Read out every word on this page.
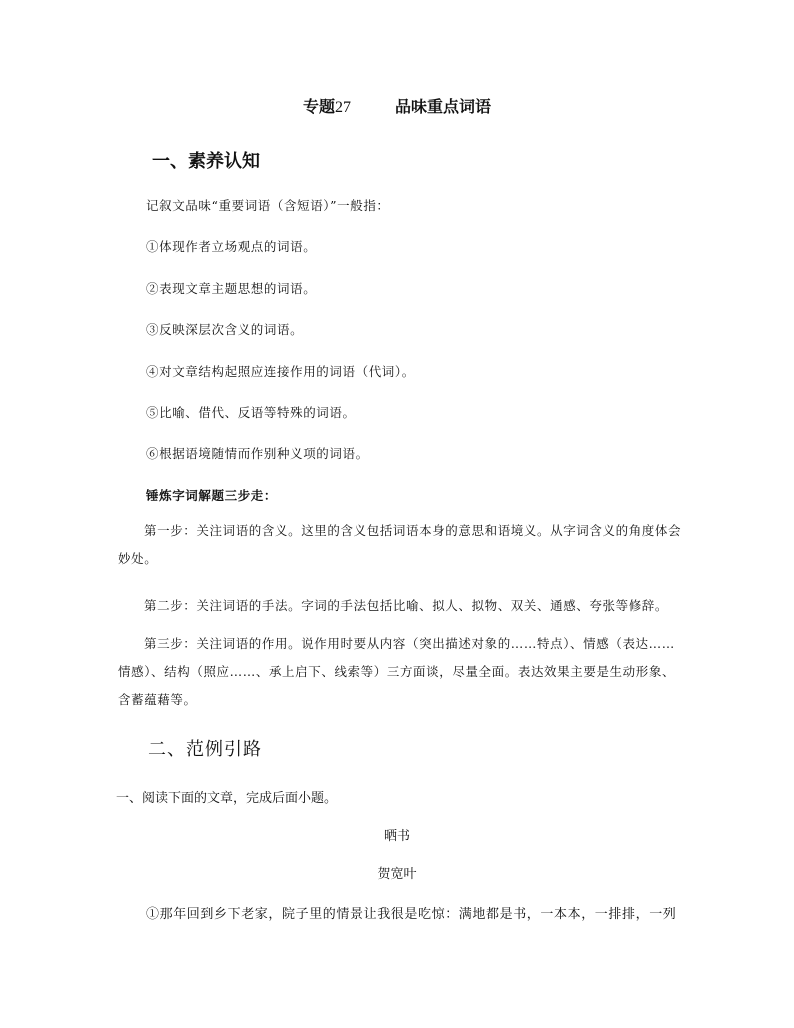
专题27	品味重点词语
一、素养认知
记叙文品味“重要词语（含短语）”一般指：
①体现作者立场观点的词语。
②表现文章主题思想的词语。
③反映深层次含义的词语。
④对文章结构起照应连接作用的词语（代词）。
⑤比喻、借代、反语等特殊的词语。
⑥根据语境随情而作别种义项的词语。
锤炼字词解题三步走：
第一步：关注词语的含义。这里的含义包括词语本身的意思和语境义。从字词含义的角度体会妙处。
第二步：关注词语的手法。字词的手法包括比喻、拟人、拟物、双关、通感、夸张等修辞。
第三步：关注词语的作用。说作用时要从内容（突出描述对象的……特点）、情感（表达……情感）、结构（照应……、承上启下、线索等）三方面谈，尽量全面。表达效果主要是生动形象、含蓄蕴藉等。
二、范例引路
一、阅读下面的文章，完成后面小题。
晒书
贺宽叶
①那年回到乡下老家，院子里的情景让我很是吃惊：满地都是书，一本本，一排排，一列
